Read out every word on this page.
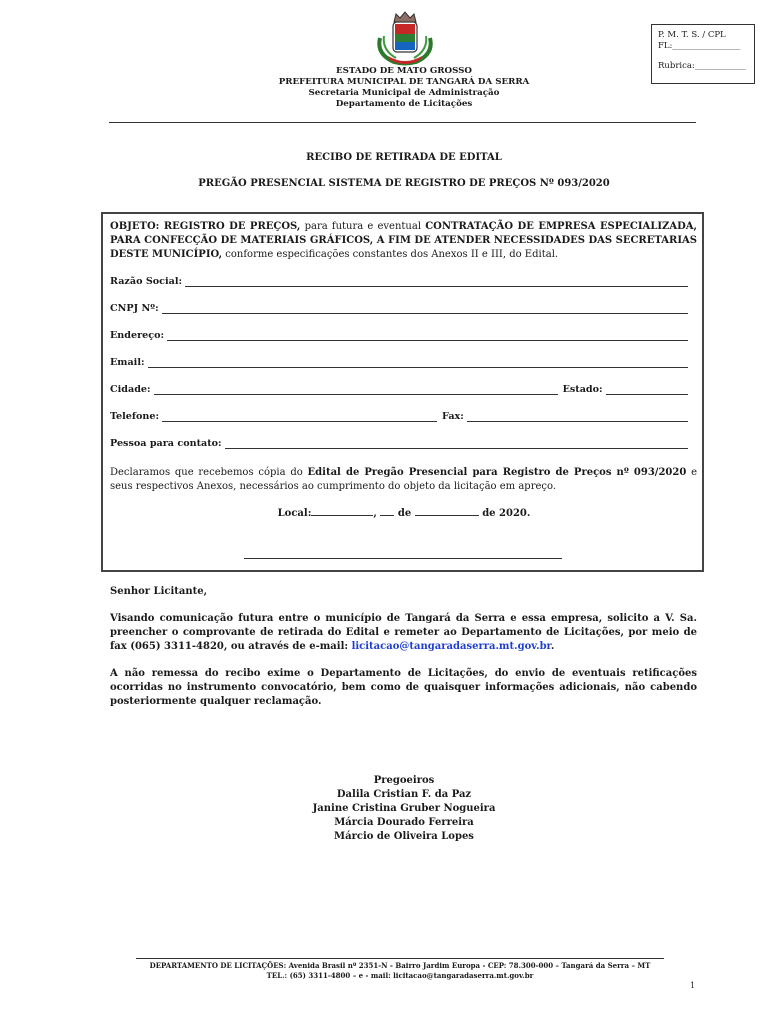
P. M. T. S. / CPL
FL:________________
Rubrica:____________
ESTADO DE MATO GROSSO
PREFEITURA MUNICIPAL DE TANGARÁ DA SERRA
Secretaria Municipal de Administração
Departamento de Licitações
RECIBO DE RETIRADA DE EDITAL
PREGÃO PRESENCIAL SISTEMA DE REGISTRO DE PREÇOS Nº 093/2020
OBJETO: REGISTRO DE PREÇOS, para futura e eventual CONTRATAÇÃO DE EMPRESA ESPECIALIZADA, PARA CONFECÇÃO DE MATERIAIS GRÁFICOS, A FIM DE ATENDER NECESSIDADES DAS SECRETARIAS DESTE MUNICÍPIO, conforme especificações constantes dos Anexos II e III, do Edital.
Razão Social:
CNPJ Nº:
Endereço:
Email:
Cidade:	Estado:
Telefone:	Fax:
Pessoa para contato:
Declaramos que recebemos cópia do Edital de Pregão Presencial para Registro de Preços nº 093/2020 e seus respectivos Anexos, necessários ao cumprimento do objeto da licitação em apreço.
Local:	,  de	de 2020.
Senhor Licitante,
Visando comunicação futura entre o município de Tangará da Serra e essa empresa, solicito a V. Sa. preencher o comprovante de retirada do Edital e remeter ao Departamento de Licitações, por meio de fax (065) 3311-4820, ou através de e-mail: licitacao@tangaradaserra.mt.gov.br.
A não remessa do recibo exime o Departamento de Licitações, do envio de eventuais retificações ocorridas no instrumento convocatório, bem como de quaisquer informações adicionais, não cabendo posteriormente qualquer reclamação.
Pregoeiros
Dalila Cristian F. da Paz
Janine Cristina Gruber Nogueira
Márcia Dourado Ferreira
Márcio de Oliveira Lopes
DEPARTAMENTO DE LICITAÇÕES: Avenida Brasil nº 2351-N - Bairro Jardim Europa - CEP: 78.300-000 – Tangará da Serra – MT
TEL.: (65) 3311-4800 – e - mail: licitacao@tangaradaserra.mt.gov.br
1
